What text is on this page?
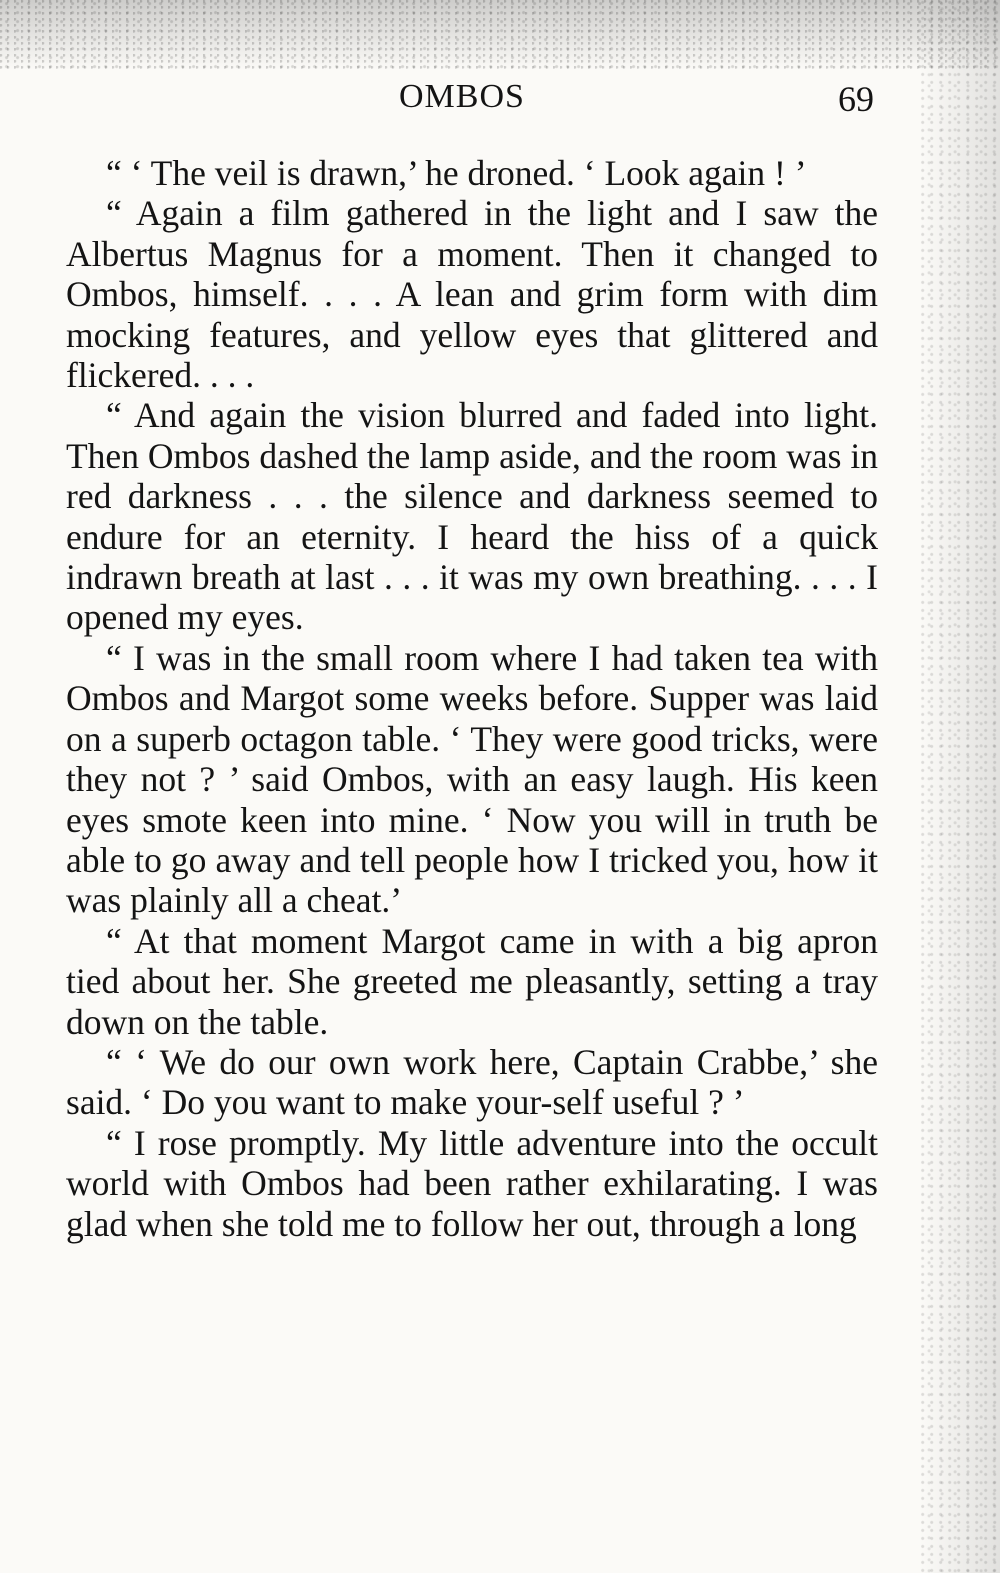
OMBOS	69

“ ‘ The veil is drawn,’ he droned. ‘ Look again ! ’

“ Again a film gathered in the light and I saw the Albertus Magnus for a moment. Then it changed to Ombos, himself. . . . A lean and grim form with dim mocking features, and yellow eyes that glittered and flickered. . . .

“ And again the vision blurred and faded into light. Then Ombos dashed the lamp aside, and the room was in red darkness . . . the silence and darkness seemed to endure for an eternity. I heard the hiss of a quick indrawn breath at last . . . it was my own breathing. . . . I opened my eyes.

“ I was in the small room where I had taken tea with Ombos and Margot some weeks before. Supper was laid on a superb octagon table. ‘ They were good tricks, were they not ? ’ said Ombos, with an easy laugh. His keen eyes smote keen into mine. ‘ Now you will in truth be able to go away and tell people how I tricked you, how it was plainly all a cheat.’

“ At that moment Margot came in with a big apron tied about her. She greeted me pleasantly, setting a tray down on the table.

“ ‘ We do our own work here, Captain Crabbe,’ she said. ‘ Do you want to make your-self useful ? ’

“ I rose promptly. My little adventure into the occult world with Ombos had been rather exhilarating. I was glad when she told me to follow her out, through a long
